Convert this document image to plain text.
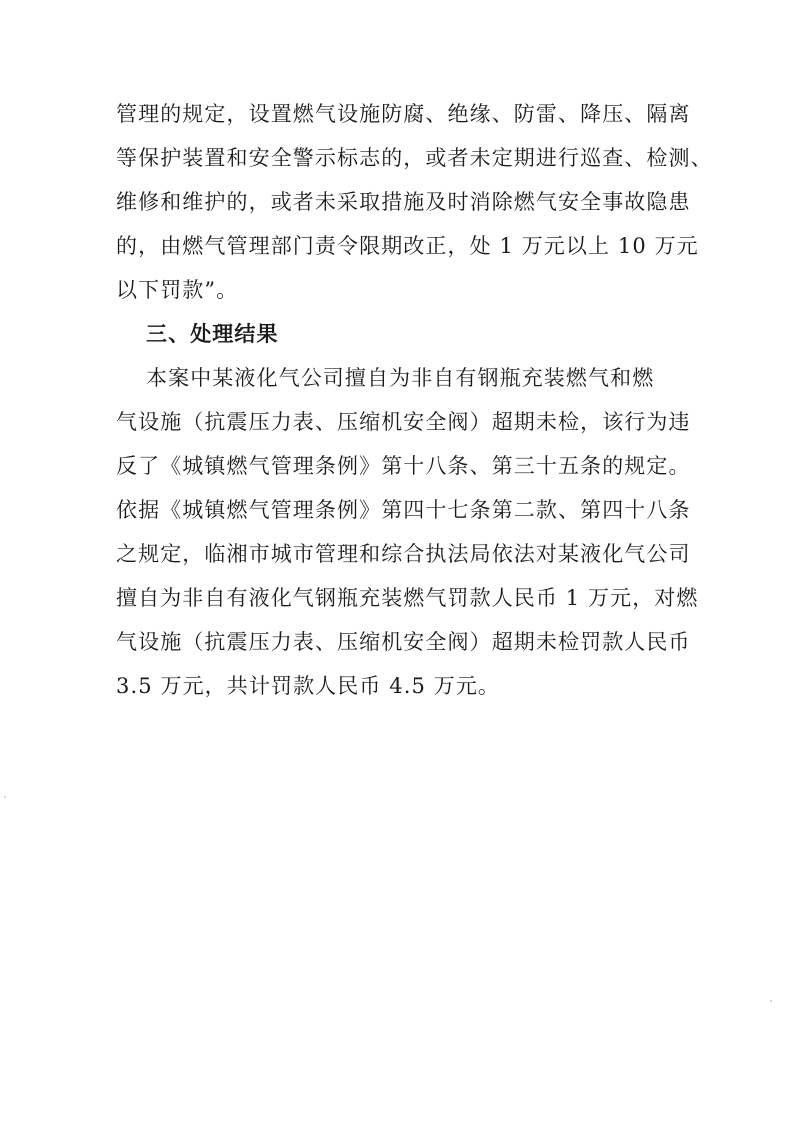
管理的规定，设置燃气设施防腐、绝缘、防雷、降压、隔离
等保护装置和安全警示标志的，或者未定期进行巡查、检测、
维修和维护的，或者未采取措施及时消除燃气安全事故隐患
的，由燃气管理部门责令限期改正，处 1 万元以上 10 万元
以下罚款”。
三、处理结果
本案中某液化气公司擅自为非自有钢瓶充装燃气和燃
气设施（抗震压力表、压缩机安全阀）超期未检，该行为违
反了《城镇燃气管理条例》第十八条、第三十五条的规定。
依据《城镇燃气管理条例》第四十七条第二款、第四十八条
之规定，临湘市城市管理和综合执法局依法对某液化气公司
擅自为非自有液化气钢瓶充装燃气罚款人民币 1 万元，对燃
气设施（抗震压力表、压缩机安全阀）超期未检罚款人民币
3.5 万元，共计罚款人民币 4.5 万元。
